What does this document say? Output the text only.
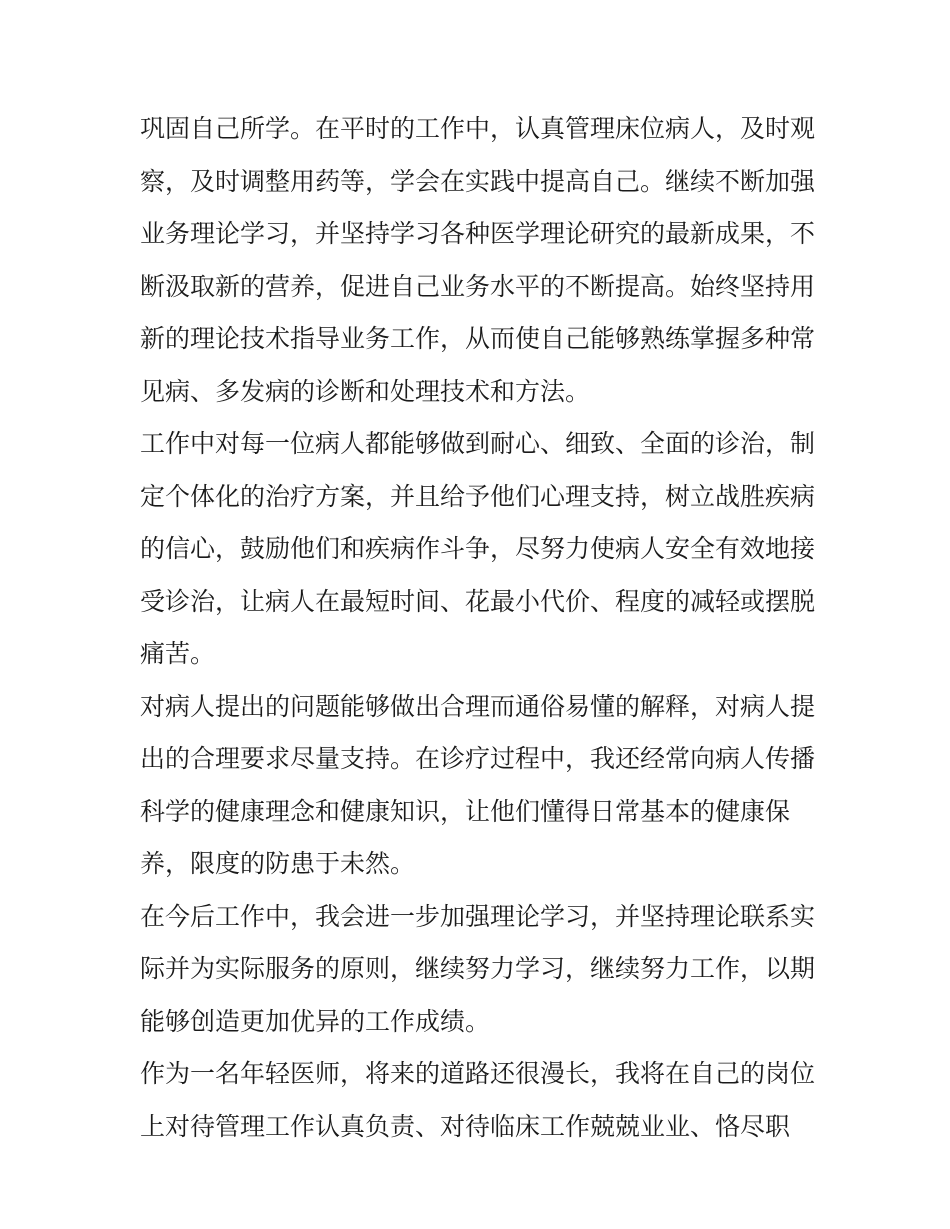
巩固自己所学。在平时的工作中，认真管理床位病人，及时观
察，及时调整用药等，学会在实践中提高自己。继续不断加强
业务理论学习，并坚持学习各种医学理论研究的最新成果，不
断汲取新的营养，促进自己业务水平的不断提高。始终坚持用
新的理论技术指导业务工作，从而使自己能够熟练掌握多种常
见病、多发病的诊断和处理技术和方法。
工作中对每一位病人都能够做到耐心、细致、全面的诊治，制
定个体化的治疗方案，并且给予他们心理支持，树立战胜疾病
的信心，鼓励他们和疾病作斗争，尽努力使病人安全有效地接
受诊治，让病人在最短时间、花最小代价、程度的减轻或摆脱
痛苦。
对病人提出的问题能够做出合理而通俗易懂的解释，对病人提
出的合理要求尽量支持。在诊疗过程中，我还经常向病人传播
科学的健康理念和健康知识，让他们懂得日常基本的健康保
养，限度的防患于未然。
在今后工作中，我会进一步加强理论学习，并坚持理论联系实
际并为实际服务的原则，继续努力学习，继续努力工作，以期
能够创造更加优异的工作成绩。
作为一名年轻医师，将来的道路还很漫长，我将在自己的岗位
上对待管理工作认真负责、对待临床工作兢兢业业、恪尽职
